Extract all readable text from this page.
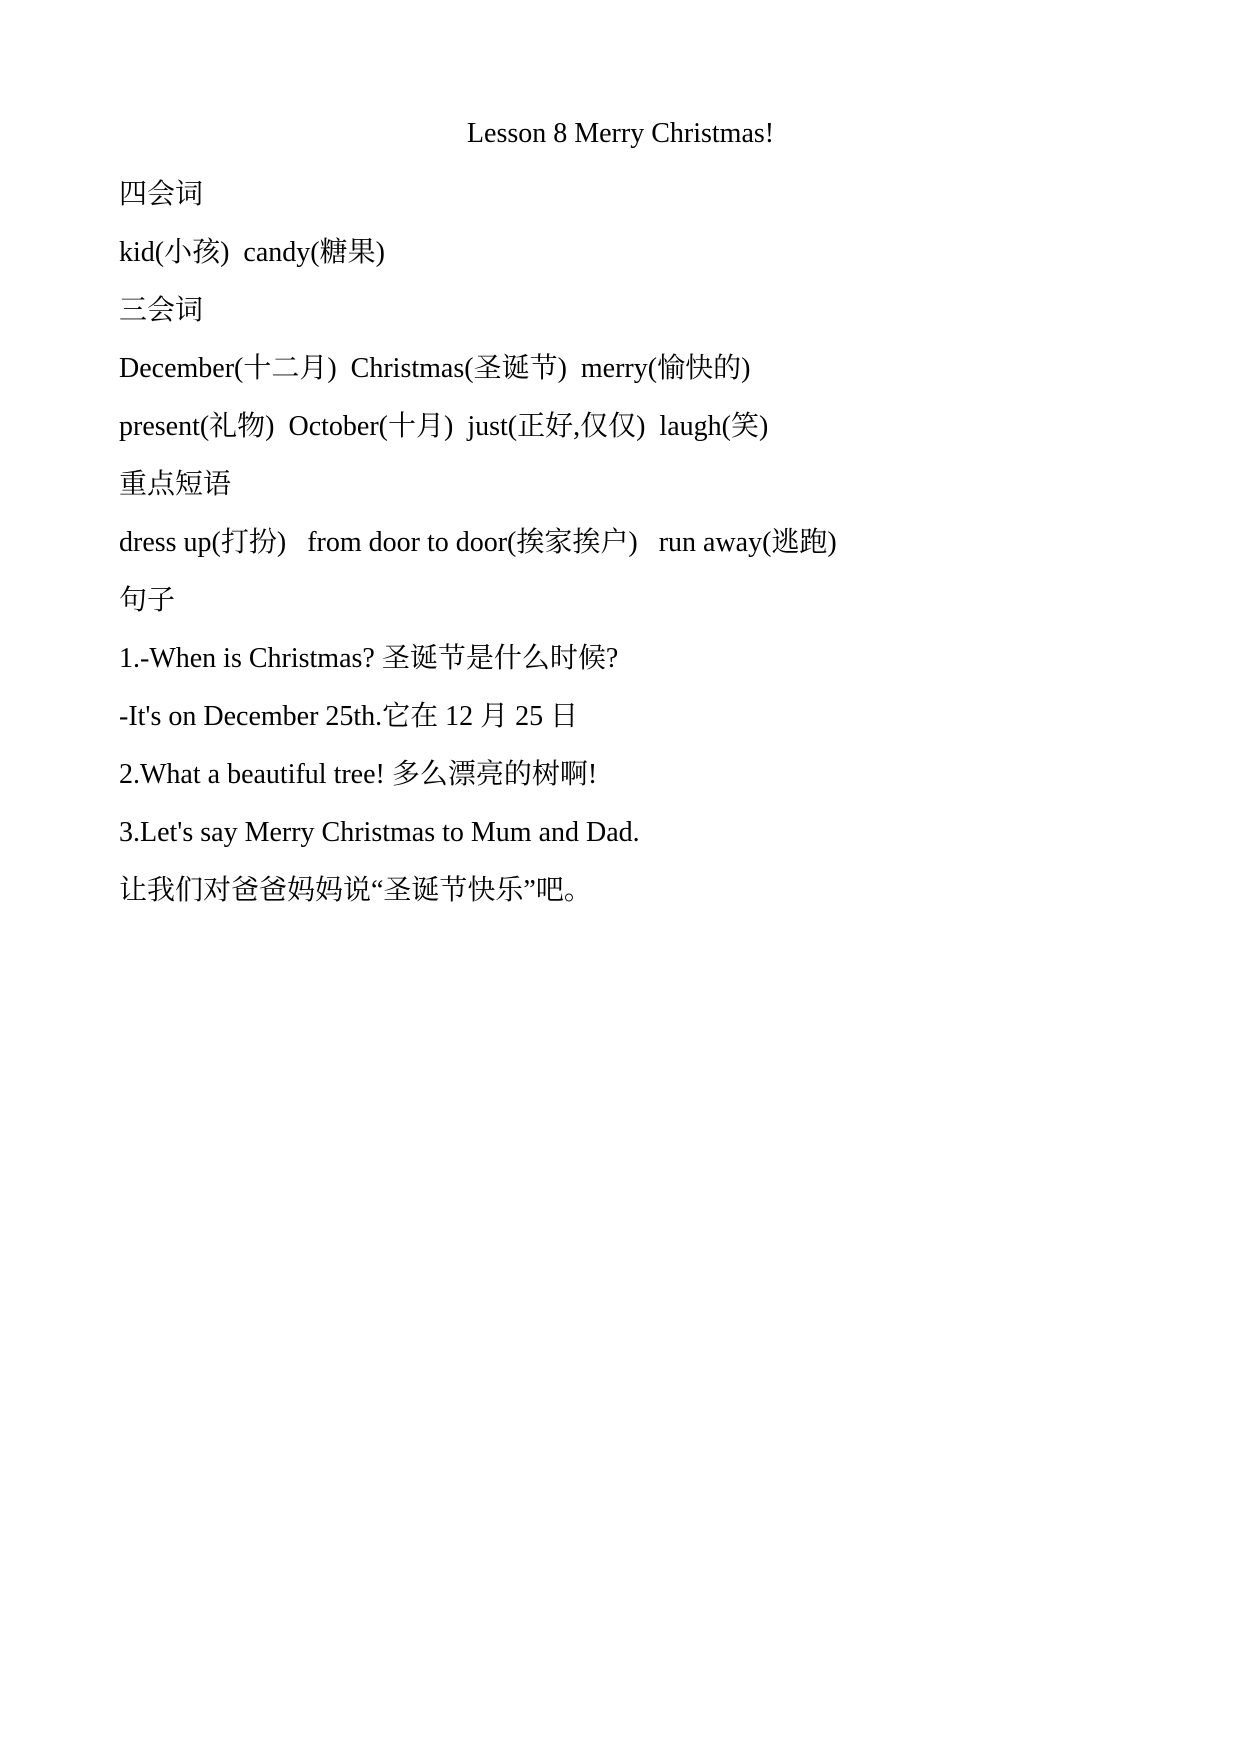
Lesson 8 Merry Christmas!

四会词

kid(小孩)  candy(糖果)

三会词

December(十二月)  Christmas(圣诞节)  merry(愉快的)

present(礼物)  October(十月)  just(正好,仅仅)  laugh(笑)

重点短语

dress up(打扮)   from door to door(挨家挨户)   run away(逃跑)

句子

1.-When is Christmas? 圣诞节是什么时候?

-It's on December 25th.它在 12 月 25 日

2.What a beautiful tree! 多么漂亮的树啊!

3.Let's say Merry Christmas to Mum and Dad.

让我们对爸爸妈妈说“圣诞节快乐”吧。
